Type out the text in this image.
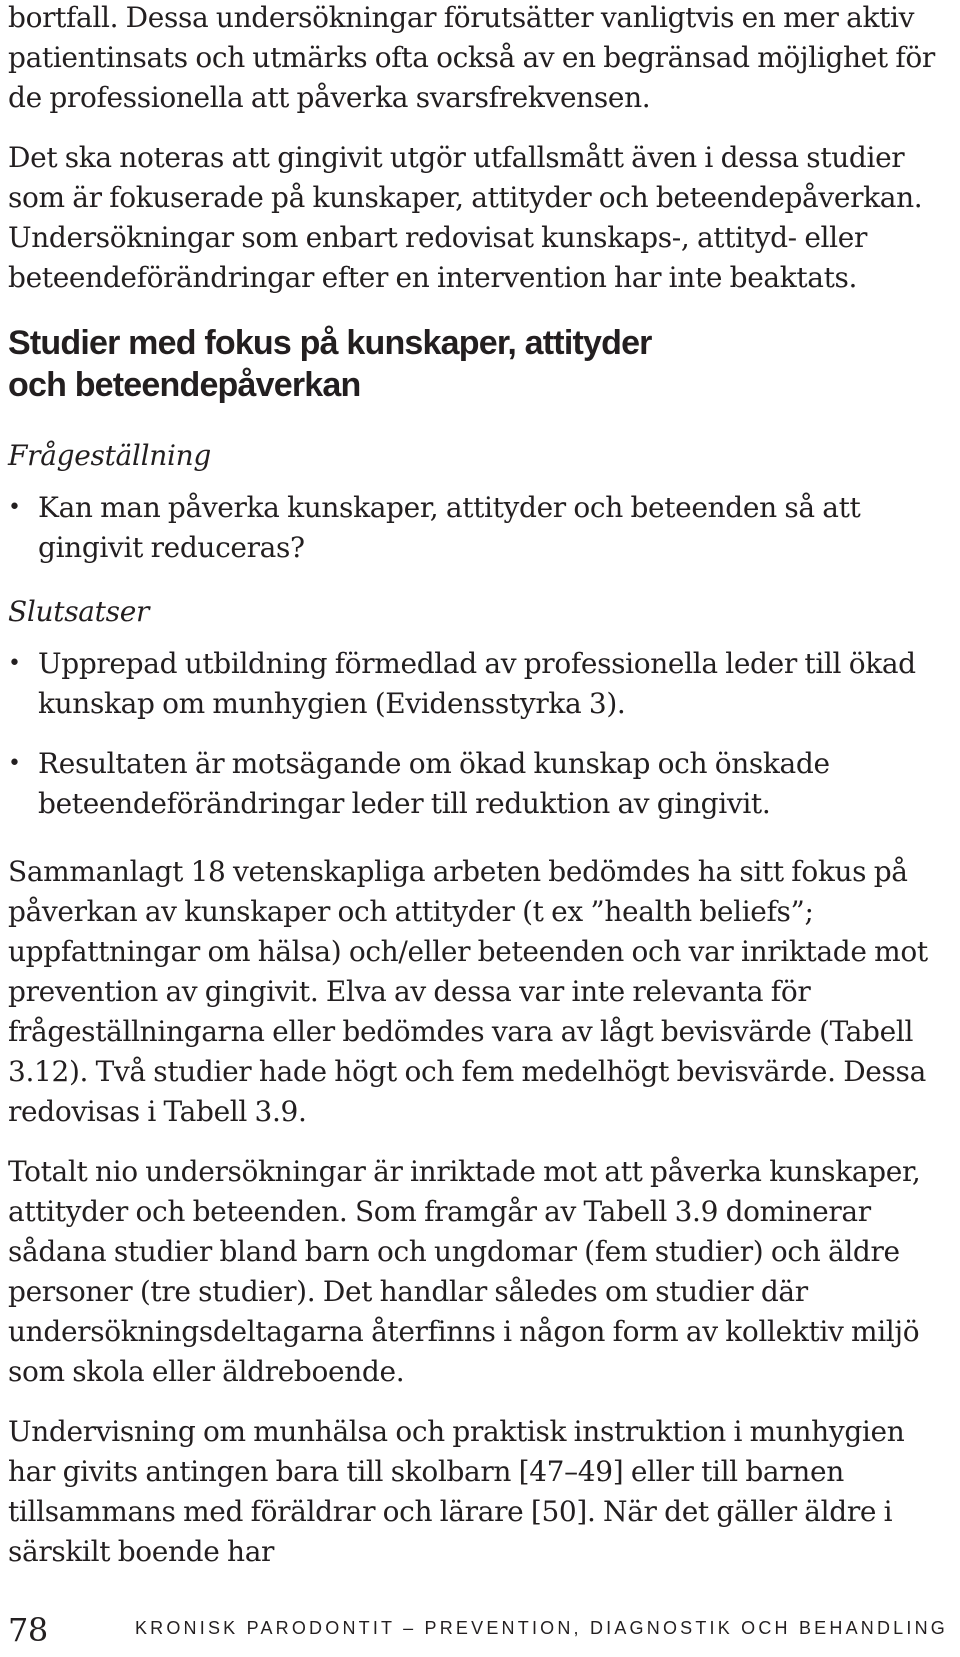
bortfall. Dessa undersökningar förutsätter vanligtvis en mer aktiv patientinsats och utmärks ofta också av en begränsad möjlighet för de professionella att påverka svarsfrekvensen.

Det ska noteras att gingivit utgör utfallsmått även i dessa studier som är fokuserade på kunskaper, attityder och beteendepåverkan. Undersökningar som enbart redovisat kunskaps-, attityd- eller beteendeförändringar efter en intervention har inte beaktats.

Studier med fokus på kunskaper, attityder
och beteendepåverkan
Frågeställning
• Kan man påverka kunskaper, attityder och beteenden så att gingivit reduceras?
Slutsatser
• Upprepad utbildning förmedlad av professionella leder till ökad kunskap om munhygien (Evidensstyrka 3).
• Resultaten är motsägande om ökad kunskap och önskade beteendeförändringar leder till reduktion av gingivit.

Sammanlagt 18 vetenskapliga arbeten bedömdes ha sitt fokus på påverkan av kunskaper och attityder (t ex ”health beliefs”; uppfattningar om hälsa) och/eller beteenden och var inriktade mot prevention av gingivit. Elva av dessa var inte relevanta för frågeställningarna eller bedömdes vara av lågt bevisvärde (Tabell 3.12). Två studier hade högt och fem medelhögt bevisvärde. Dessa redovisas i Tabell 3.9.

Totalt nio undersökningar är inriktade mot att påverka kunskaper, attityder och beteenden. Som framgår av Tabell 3.9 dominerar sådana studier bland barn och ungdomar (fem studier) och äldre personer (tre studier). Det handlar således om studier där undersökningsdeltagarna återfinns i någon form av kollektiv miljö som skola eller äldreboende.

Undervisning om munhälsa och praktisk instruktion i munhygien har givits antingen bara till skolbarn [47–49] eller till barnen tillsammans med föräldrar och lärare [50]. När det gäller äldre i särskilt boende har

78	KRONISK PARODONTIT – PREVENTION, DIAGNOSTIK OCH BEHANDLING
